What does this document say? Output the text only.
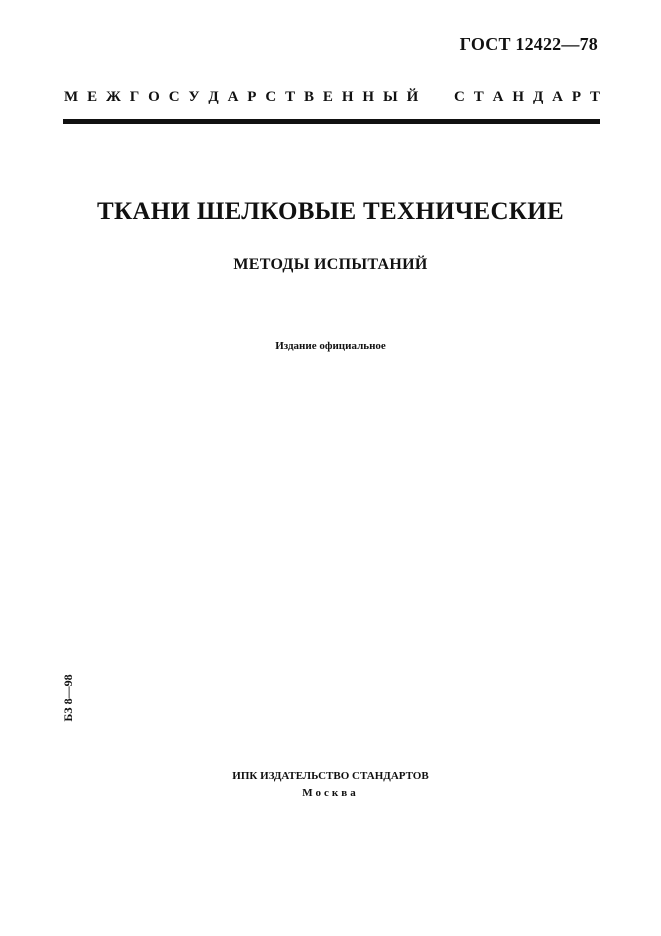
ГОСТ 12422—78
М Е Ж Г О С У Д А Р С Т В Е Н Н Ы Й С Т А Н Д А Р Т
ТКАНИ ШЕЛКОВЫЕ ТЕХНИЧЕСКИЕ
МЕТОДЫ ИСПЫТАНИЙ
Издание официальное
БЗ 8—98
ИПК ИЗДАТЕЛЬСТВО СТАНДАРТОВ
Москва
